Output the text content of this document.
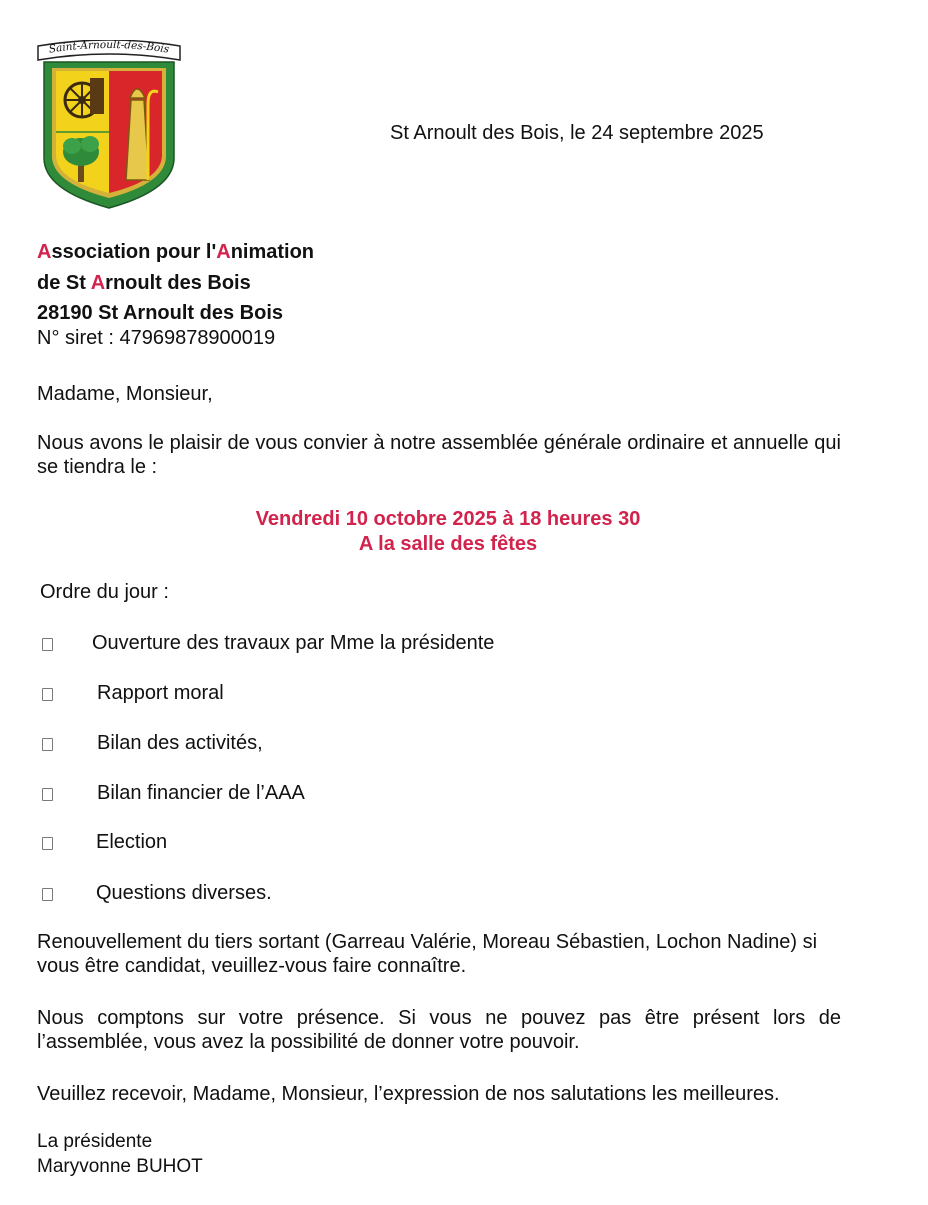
Saint-Arnoult-des-Bois
St Arnoult des Bois, le 24 septembre 2025
Association pour l'Animation
de St Arnoult des Bois
28190 St Arnoult des Bois
N° siret : 47969878900019
Madame, Monsieur,
Nous avons le plaisir de vous convier à notre assemblée générale ordinaire et annuelle qui se tiendra le :
Vendredi 10 octobre 2025 à 18 heures 30
A la salle des fêtes
Ordre du jour :
Ouverture des travaux par Mme la présidente
Rapport moral
Bilan des activités,
Bilan financier de l’AAA
Election
Questions diverses.
Renouvellement du tiers sortant (Garreau Valérie, Moreau Sébastien, Lochon Nadine) si vous être candidat, veuillez-vous faire connaître.
Nous comptons sur votre présence. Si vous ne pouvez pas être présent lors de l’assemblée, vous avez la possibilité de donner votre pouvoir.
Veuillez recevoir, Madame, Monsieur, l’expression de nos salutations les meilleures.
La présidente
Maryvonne BUHOT
